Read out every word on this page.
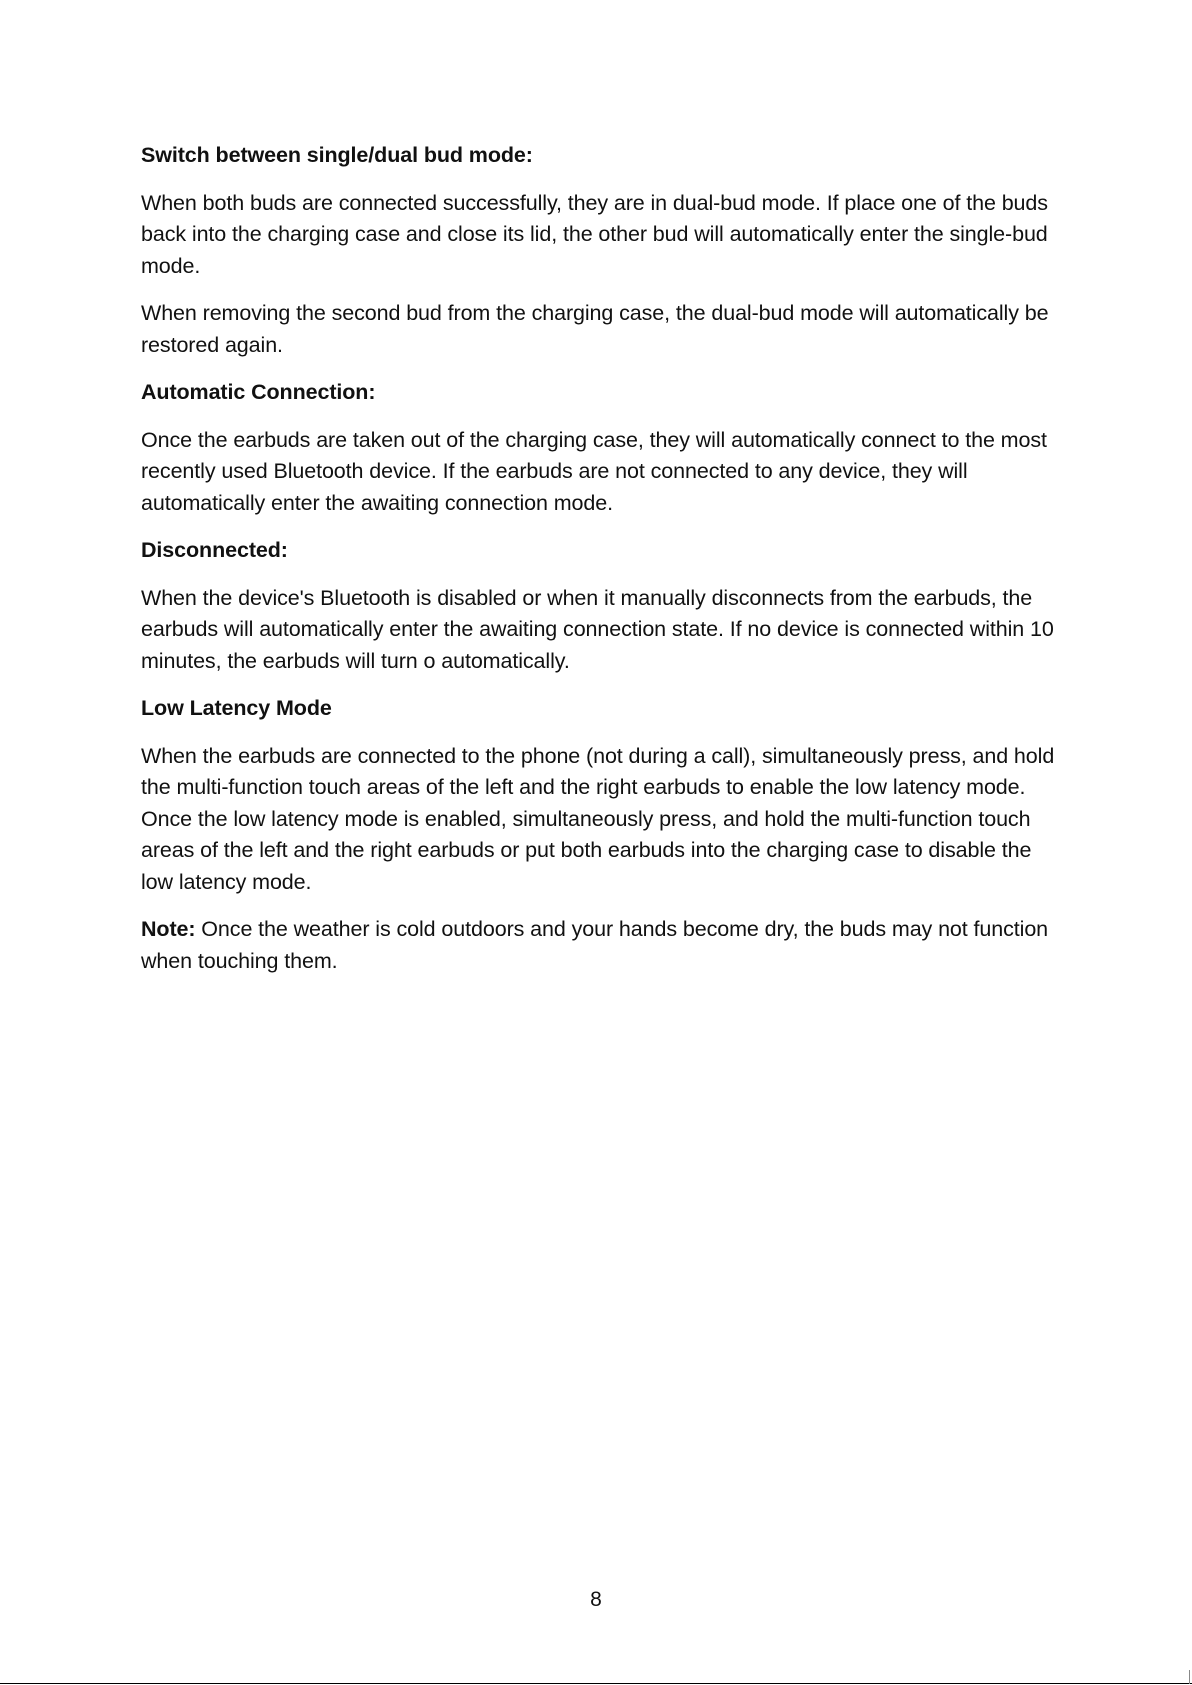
Switch between single/dual bud mode:
When both buds are connected successfully, they are in dual-bud mode. If place one of the buds back into the charging case and close its lid, the other bud will automatically enter the single-bud mode.
When removing the second bud from the charging case, the dual-bud mode will automatically be restored again.
Automatic Connection:
Once the earbuds are taken out of the charging case, they will automatically connect to the most recently used Bluetooth device. If the earbuds are not connected to any device, they will automatically enter the awaiting connection mode.
Disconnected:
When the device's Bluetooth is disabled or when it manually disconnects from the earbuds, the earbuds will automatically enter the awaiting connection state. If no device is connected within 10 minutes, the earbuds will turn o automatically.
Low Latency Mode
When the earbuds are connected to the phone (not during a call), simultaneously press, and hold the multi-function touch areas of the left and the right earbuds to enable the low latency mode. Once the low latency mode is enabled, simultaneously press, and hold the multi-function touch areas of the left and the right earbuds or put both earbuds into the charging case to disable the low latency mode.
Note: Once the weather is cold outdoors and your hands become dry, the buds may not function when touching them.
8
